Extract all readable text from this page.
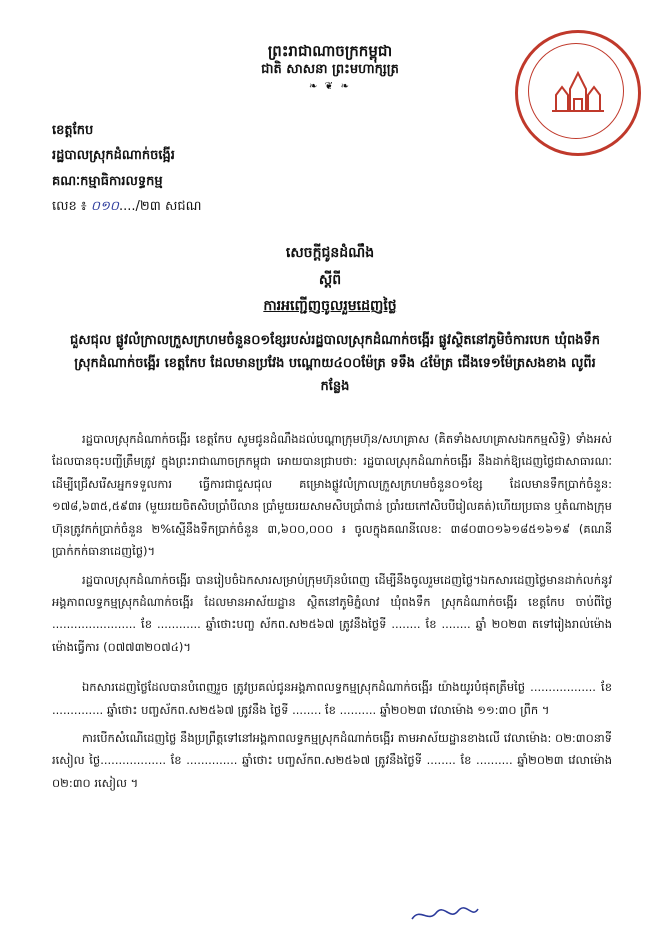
ព្រះរាជាណាចក្រកម្ពុជា
ជាតិ សាសនា ព្រះមហាក្សត្រ
❧ ❦ ❧
ខេត្តកែប
រដ្ឋបាលស្រុកដំណាក់ចង្អើរ
គណៈកម្មាធិការលទ្ធកម្ម
លេខ ៖ ០១០..../២៣ សជណ
សេចក្តីជូនដំណឹង
ស្តីពី
ការអញ្ជើញចូលរួមដេញថ្លៃ
ជួសជុល ផ្លូវលំក្រាលក្រួសក្រហមចំនួន០១ខ្សែរបស់រដ្ឋបាលស្រុកដំណាក់ចង្អើរ ផ្លូវស្ថិតនៅភូមិចំការបេក ឃុំពងទឹក ស្រុកដំណាក់ចង្អើរ ខេត្តកែប ដែលមានប្រវែង បណ្តោយ៤០០ម៉ែត្រ ទទឹង ៤ម៉ែត្រ ជើងទេ១ម៉ែត្រសងខាង លូពីរ កន្លែង

រដ្ឋបាលស្រុកដំណាក់ចង្អើរ ខេត្តកែប សូមជូនដំណឹងដល់បណ្តាក្រុមហ៊ុន/សហគ្រាស (គិតទាំងសហគ្រាសឯកកម្មសិទ្ធិ) ទាំងអស់ដែលបានចុះបញ្ជីត្រឹមត្រូវ ក្នុងព្រះរាជាណាចក្រកម្ពុជា អោយបានជ្រាបថា: រដ្ឋបាលស្រុកដំណាក់ចង្អើរ នឹងដាក់ឱ្យដេញថ្លៃជាសាធារណៈ ដើម្បីជ្រើសរើសអ្នកទទួលការ ធ្វើការជាជួសជុល គម្រោងផ្លូវលំក្រាលក្រួសក្រហមចំនួន០១ខ្សែ ដែលមានទឹកប្រាក់ចំនួន: ១៧៨,៦៣៥,៥៩៣៛ (មួយរយចិតសិបប្រាំបីលាន ប្រាំមួយរយសាមសិបប្រាំពាន់ ប្រាំរយកៅសិបបីរៀលគត់)ហើយប្រធាន ឬតំណាងក្រុមហ៊ុនត្រូវកក់ប្រាក់ចំនួន ២%ស្មើនឹងទឹកប្រាក់ចំនួន ៣,៦០០,០០០ ៛ ចូលក្នុងគណនីលេខ: ៣៨០៣០១៦១៨៥១៦១៩ (គណនីប្រាក់កក់ធានាដេញថ្លៃ)។

រដ្ឋបាលស្រុកដំណាក់ចង្អើរ បានរៀបចំឯកសារសម្រាប់ក្រុមហ៊ុនបំពេញ ដើម្បីនឹងចូលរួមដេញថ្លៃ។ឯកសារដេញថ្លៃមានដាក់លក់នូវអង្គភាពលទ្ធកម្មស្រុកដំណាក់ចង្អើរ ដែលមានអាស័យដ្ឋាន ស្ថិតនៅភូមិភ្នំលាវ ឃុំពងទឹក ស្រុកដំណាក់ចង្អើរ ខេត្តកែប ចាប់ពីថ្ងៃ ....................... ខែ ............ ឆ្នាំថោះបញ្ច ស័កព.ស២៥៦៧ ត្រូវនឹងថ្ងៃទី ........ ខែ ........ ឆ្នាំ ២០២៣ តទៅរៀងរាល់ម៉ោងម៉ោងធ្វើការ (០៧៧៣២០៧៤)។

ឯកសារដេញថ្លៃដែលបានបំពេញរួច ត្រូវប្រគល់ជូនអង្គភាពលទ្ធកម្មស្រុកដំណាក់ចង្អើរ យ៉ាងយូរបំផុតត្រឹមថ្ងៃ .................. ខែ .............. ឆ្នាំថោះ បញ្ចស័កព.ស២៥៦៧ ត្រូវនឹង ថ្ងៃទី ........ ខែ .......... ឆ្នាំ២០២៣ វេលាម៉ោង ១១:៣០ ព្រឹក ។

ការបើកសំណើដេញថ្លៃ នឹងប្រព្រឹត្តទៅនៅអង្គភាពលទ្ធកម្មស្រុកដំណាក់ចង្អើរ តាមអាស័យដ្ឋានខាងលើ វេលាម៉ោង: ០២:៣០នាទីរសៀល ថ្ងៃ.................. ខែ .............. ឆ្នាំថោះ បញ្ចស័កព.ស២៥៦៧ ត្រូវនឹងថ្ងៃទី ........ ខែ .......... ឆ្នាំ២០២៣ វេលាម៉ោង ០២:៣០ រសៀល ។
